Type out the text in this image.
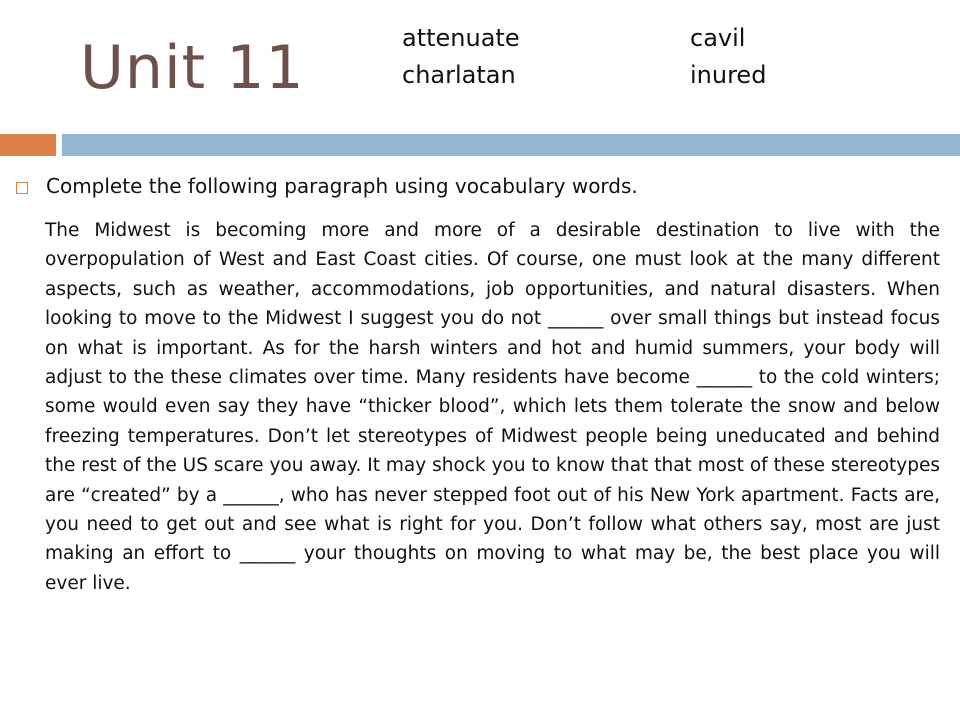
Unit 11	attenuate	cavil
charlatan	inured
Complete the following paragraph using vocabulary words.

The Midwest is becoming more and more of a desirable destination to live with the overpopulation of West and East Coast cities. Of course, one must look at the many different aspects, such as weather, accommodations, job opportunities, and natural disasters. When looking to move to the Midwest I suggest you do not ______ over small things but instead focus on what is important. As for the harsh winters and hot and humid summers, your body will adjust to the these climates over time. Many residents have become ______ to the cold winters; some would even say they have “thicker blood”, which lets them tolerate the snow and below freezing temperatures. Don’t let stereotypes of Midwest people being uneducated and behind the rest of the US scare you away. It may shock you to know that that most of these stereotypes are “created” by a ______, who has never stepped foot out of his New York apartment. Facts are, you need to get out and see what is right for you. Don’t follow what others say, most are just making an effort to ______ your thoughts on moving to what may be, the best place you will ever live.
